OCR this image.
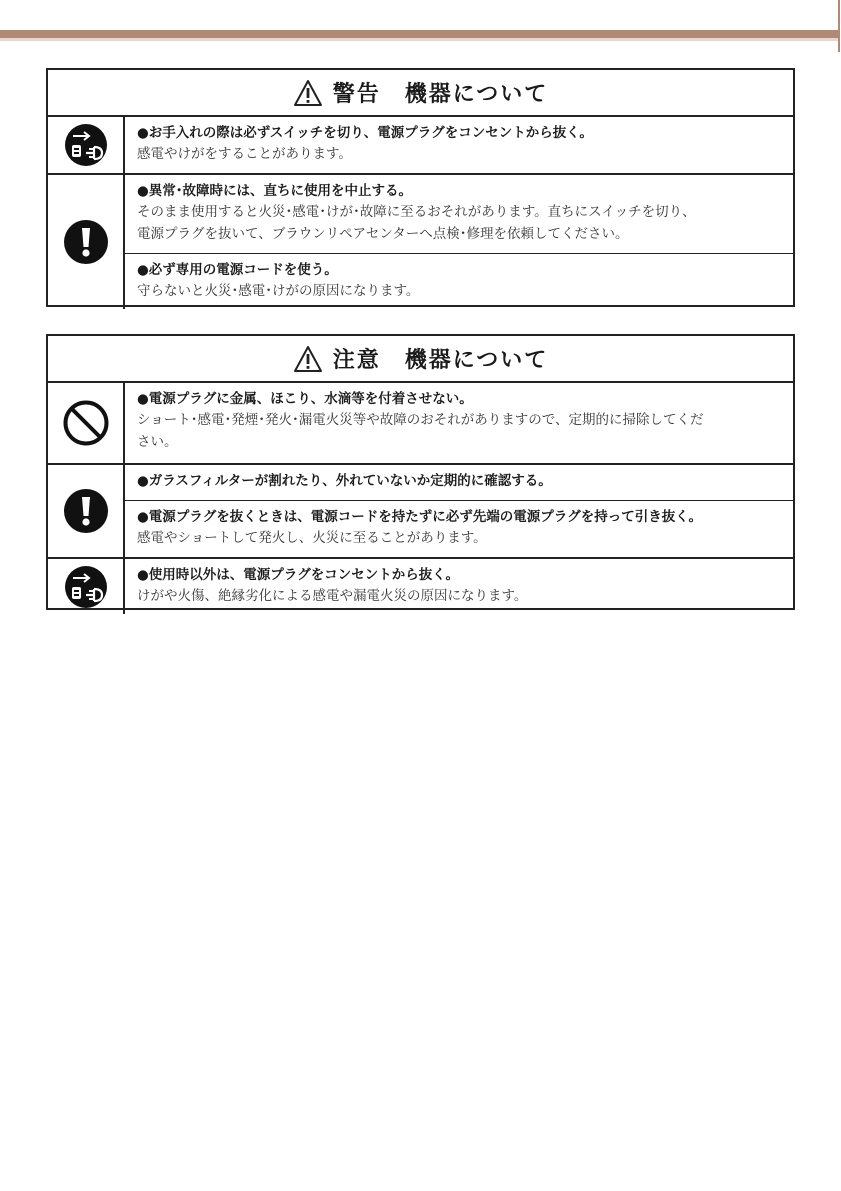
警告　機器について
●お手入れの際は必ずスイッチを切り、電源プラグをコンセントから抜く。
感電やけがをすることがあります。
●異常･故障時には、直ちに使用を中止する。
そのまま使用すると火災･感電･けが･故障に至るおそれがあります。直ちにスイッチを切り、
電源プラグを抜いて、ブラウンリペアセンターへ点検･修理を依頼してください。
●必ず専用の電源コードを使う。
守らないと火災･感電･けがの原因になります。
注意　機器について
●電源プラグに金属、ほこり、水滴等を付着させない。
ショート･感電･発煙･発火･漏電火災等や故障のおそれがありますので、定期的に掃除してくだ
さい。
●ガラスフィルターが割れたり、外れていないか定期的に確認する。
●電源プラグを抜くときは、電源コードを持たずに必ず先端の電源プラグを持って引き抜く。
感電やショートして発火し、火災に至ることがあります。
●使用時以外は、電源プラグをコンセントから抜く。
けがや火傷、絶縁劣化による感電や漏電火災の原因になります。
